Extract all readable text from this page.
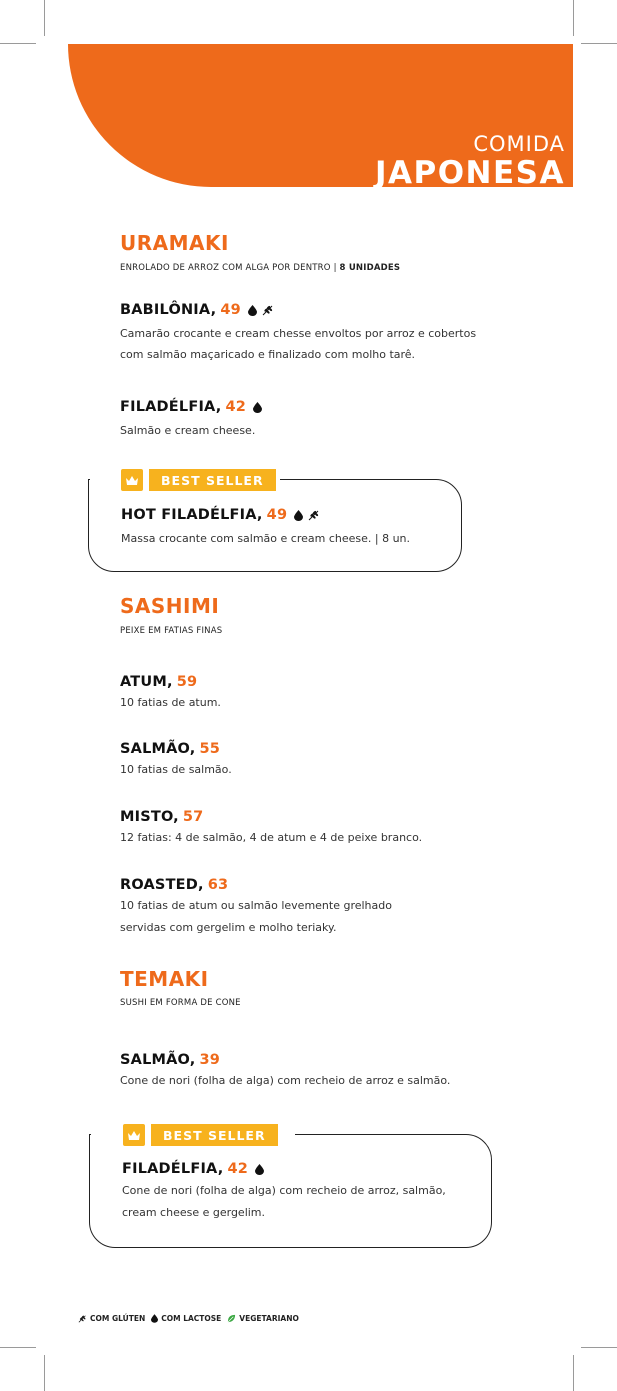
COMIDA
JAPONESA
URAMAKI
ENROLADO DE ARROZ COM ALGA POR DENTRO | 8 UNIDADES
BABILÔNIA, 49
Camarão crocante e cream chesse envoltos por arroz e cobertos
com salmão maçaricado e finalizado com molho tarê.
FILADÉLFIA, 42
Salmão e cream cheese.
BEST SELLER
HOT FILADÉLFIA, 49
Massa crocante com salmão e cream cheese. | 8 un.
SASHIMI
PEIXE EM FATIAS FINAS
ATUM, 59
10 fatias de atum.
SALMÃO, 55
10 fatias de salmão.
MISTO, 57
12 fatias: 4 de salmão, 4 de atum e 4 de peixe branco.
ROASTED, 63
10 fatias de atum ou salmão levemente grelhado
servidas com gergelim e molho teriaky.
TEMAKI
SUSHI EM FORMA DE CONE
SALMÃO, 39
Cone de nori (folha de alga) com recheio de arroz e salmão.
BEST SELLER
FILADÉLFIA, 42
Cone de nori (folha de alga) com recheio de arroz, salmão,
cream cheese e gergelim.
COM GLÚTEN COM LACTOSE VEGETARIANO
